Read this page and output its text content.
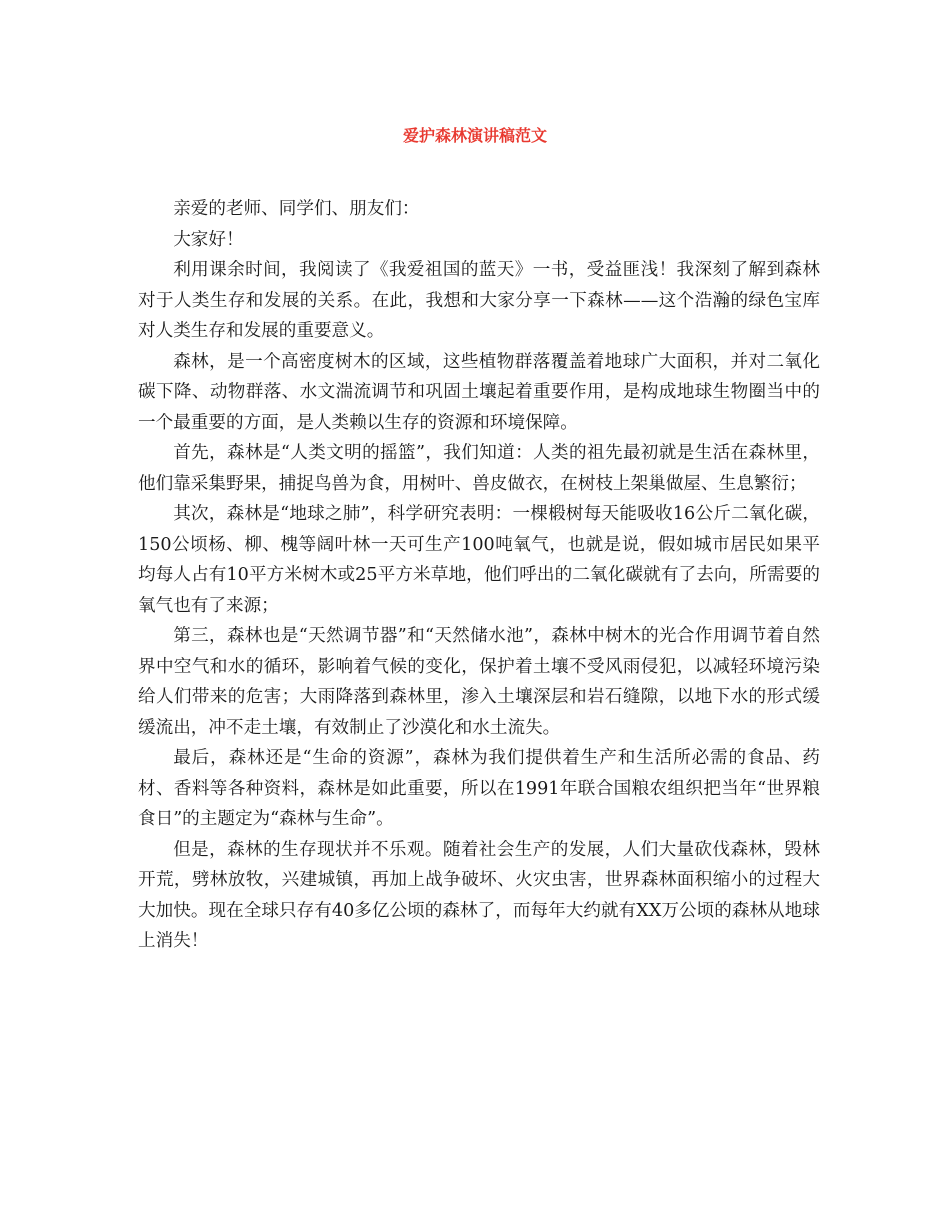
爱护森林演讲稿范文

亲爱的老师、同学们、朋友们：

大家好！

利用课余时间，我阅读了《我爱祖国的蓝天》一书，受益匪浅！我深刻了解到森林对于人类生存和发展的关系。在此，我想和大家分享一下森林——这个浩瀚的绿色宝库对人类生存和发展的重要意义。

森林，是一个高密度树木的区域，这些植物群落覆盖着地球广大面积，并对二氧化碳下降、动物群落、水文湍流调节和巩固土壤起着重要作用，是构成地球生物圈当中的一个最重要的方面，是人类赖以生存的资源和环境保障。

首先，森林是“人类文明的摇篮”，我们知道：人类的祖先最初就是生活在森林里，他们靠采集野果，捕捉鸟兽为食，用树叶、兽皮做衣，在树枝上架巢做屋、生息繁衍；

其次，森林是“地球之肺”，科学研究表明：一棵椴树每天能吸收16公斤二氧化碳，150公顷杨、柳、槐等阔叶林一天可生产100吨氧气，也就是说，假如城市居民如果平均每人占有10平方米树木或25平方米草地，他们呼出的二氧化碳就有了去向，所需要的氧气也有了来源；

第三，森林也是“天然调节器”和“天然储水池”，森林中树木的光合作用调节着自然界中空气和水的循环，影响着气候的变化，保护着土壤不受风雨侵犯，以减轻环境污染给人们带来的危害；大雨降落到森林里，渗入土壤深层和岩石缝隙，以地下水的形式缓缓流出，冲不走土壤，有效制止了沙漠化和水土流失。

最后，森林还是“生命的资源”，森林为我们提供着生产和生活所必需的食品、药材、香料等各种资料，森林是如此重要，所以在1991年联合国粮农组织把当年“世界粮食日”的主题定为“森林与生命”。

但是，森林的生存现状并不乐观。随着社会生产的发展，人们大量砍伐森林，毁林开荒，劈林放牧，兴建城镇，再加上战争破坏、火灾虫害，世界森林面积缩小的过程大大加快。现在全球只存有40多亿公顷的森林了，而每年大约就有XX万公顷的森林从地球上消失！
